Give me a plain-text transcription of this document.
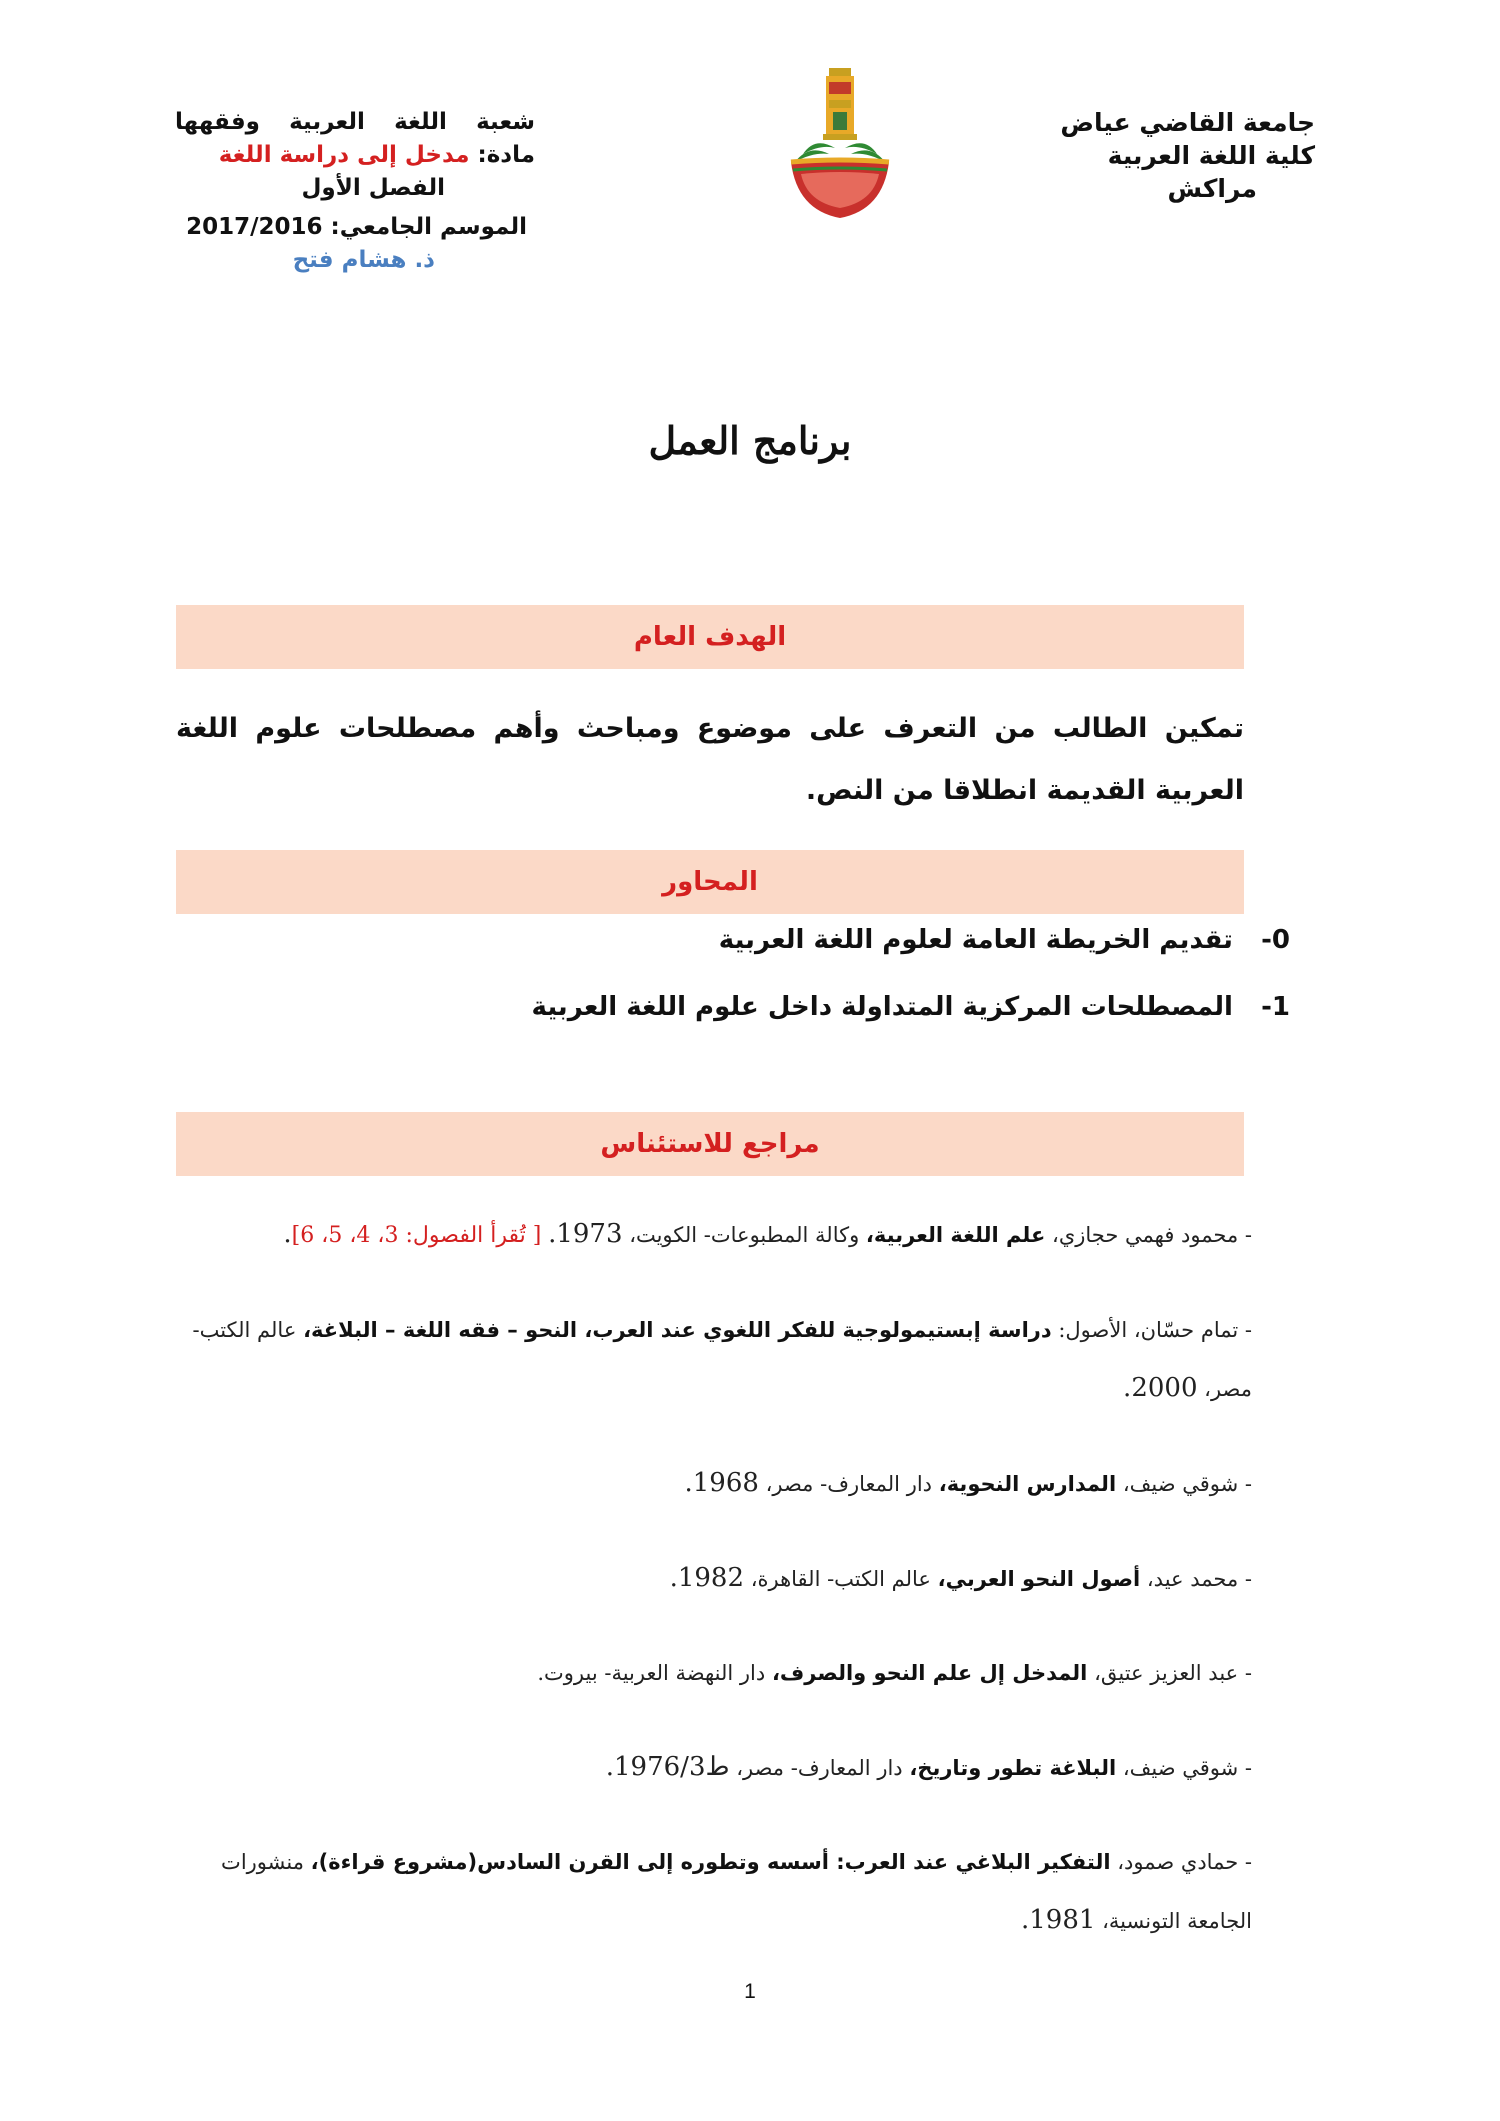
جامعة القاضي عياض
كلية اللغة العربية
مراكش
شعبة
اللغة
العربية
وفقهها
مادة: مدخل إلى دراسة اللغة
الفصل الأول
الموسم الجامعي: 2017/2016
ذ. هشام فتح
برنامج العمل
الهدف العام
تمكين الطالب من التعرف على موضوع ومباحث وأهم مصطلحات علوم اللغة العربية القديمة انطلاقا من النص.
المحاور
0- تقديم الخريطة العامة لعلوم اللغة العربية
1- المصطلحات المركزية المتداولة داخل علوم اللغة العربية
مراجع للاستئناس
- محمود فهمي حجازي، علم اللغة العربية، وكالة المطبوعات- الكويت، 1973. [ تُقرأ الفصول: 3، 4، 5، 6].
- تمام حسّان، الأصول: دراسة إبستيمولوجية للفكر اللغوي عند العرب، النحو – فقه اللغة – البلاغة، عالم الكتب- مصر، 2000.
- شوقي ضيف، المدارس النحوية، دار المعارف- مصر، 1968.
- محمد عيد، أصول النحو العربي، عالم الكتب- القاهرة، 1982.
- عبد العزيز عتيق، المدخل إل علم النحو والصرف، دار النهضة العربية- بيروت.
- شوقي ضيف، البلاغة تطور وتاريخ، دار المعارف- مصر، ط1976/3.
- حمادي صمود، التفكير البلاغي عند العرب: أسسه وتطوره إلى القرن السادس(مشروع قراءة)، منشورات الجامعة التونسية، 1981.
1
